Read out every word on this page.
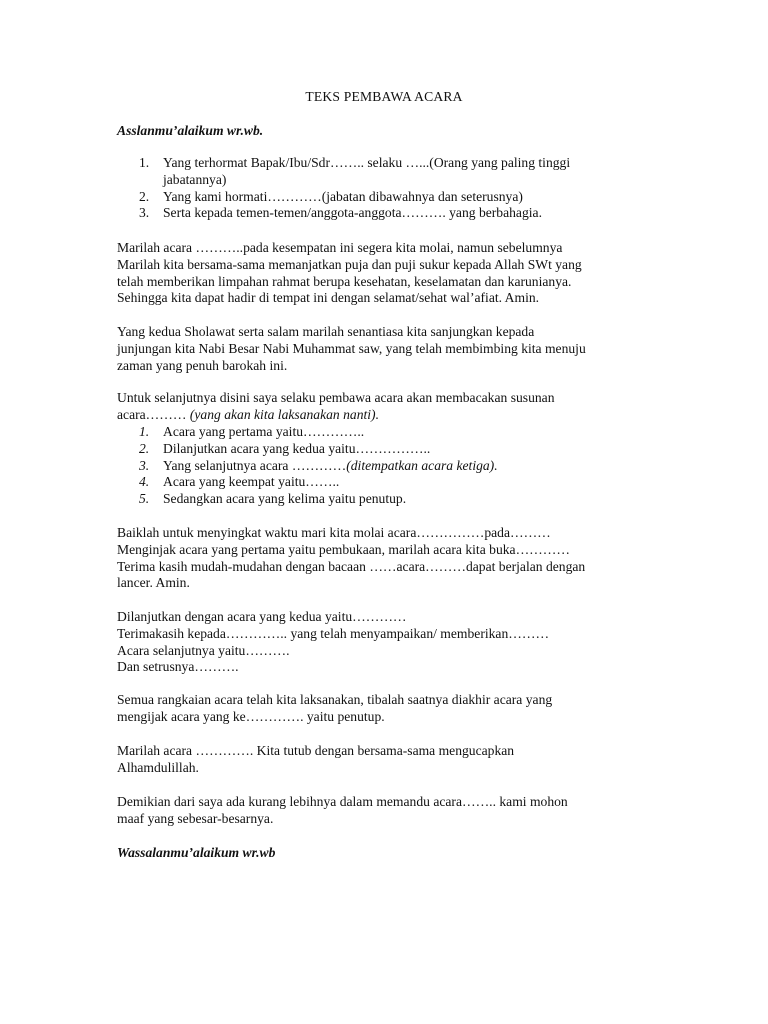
TEKS PEMBAWA ACARA
Asslanmu’alaikum wr.wb.
1. Yang terhormat Bapak/Ibu/Sdr…….. selaku …...(Orang yang paling tinggi
jabatannya)
2. Yang kami hormati…………(jabatan dibawahnya dan seterusnya)
3. Serta kepada temen-temen/anggota-anggota………. yang berbahagia.
Marilah acara ………..pada kesempatan ini segera kita molai, namun sebelumnya
Marilah kita bersama-sama memanjatkan puja dan puji sukur kepada Allah SWt yang
telah memberikan limpahan rahmat berupa kesehatan, keselamatan dan karunianya.
Sehingga kita dapat hadir di tempat ini dengan selamat/sehat wal’afiat. Amin.
Yang kedua Sholawat serta salam marilah senantiasa kita sanjungkan kepada
junjungan kita Nabi Besar Nabi Muhammat saw, yang telah membimbing kita menuju
zaman yang penuh barokah ini.
Untuk selanjutnya disini saya selaku pembawa acara akan membacakan susunan
acara……… (yang akan kita laksanakan nanti).
1. Acara yang pertama yaitu…………..
2. Dilanjutkan acara yang kedua yaitu……………..
3. Yang selanjutnya acara …………(ditempatkan acara ketiga).
4. Acara yang keempat yaitu……..
5. Sedangkan acara yang kelima yaitu penutup.
Baiklah untuk menyingkat waktu mari kita molai acara……………pada………
Menginjak acara yang pertama yaitu pembukaan, marilah acara kita buka…………
Terima kasih mudah-mudahan dengan bacaan ……acara………dapat berjalan dengan
lancer. Amin.
Dilanjutkan dengan acara yang kedua yaitu…………
Terimakasih kepada………….. yang telah menyampaikan/ memberikan………
Acara selanjutnya yaitu……….
Dan setrusnya……….
Semua rangkaian acara telah kita laksanakan, tibalah saatnya diakhir acara yang
mengijak acara yang ke…………. yaitu penutup.
Marilah acara …………. Kita tutub dengan bersama-sama mengucapkan
Alhamdulillah.
Demikian dari saya ada kurang lebihnya dalam memandu acara…….. kami mohon
maaf yang sebesar-besarnya.
Wassalanmu’alaikum wr.wb
